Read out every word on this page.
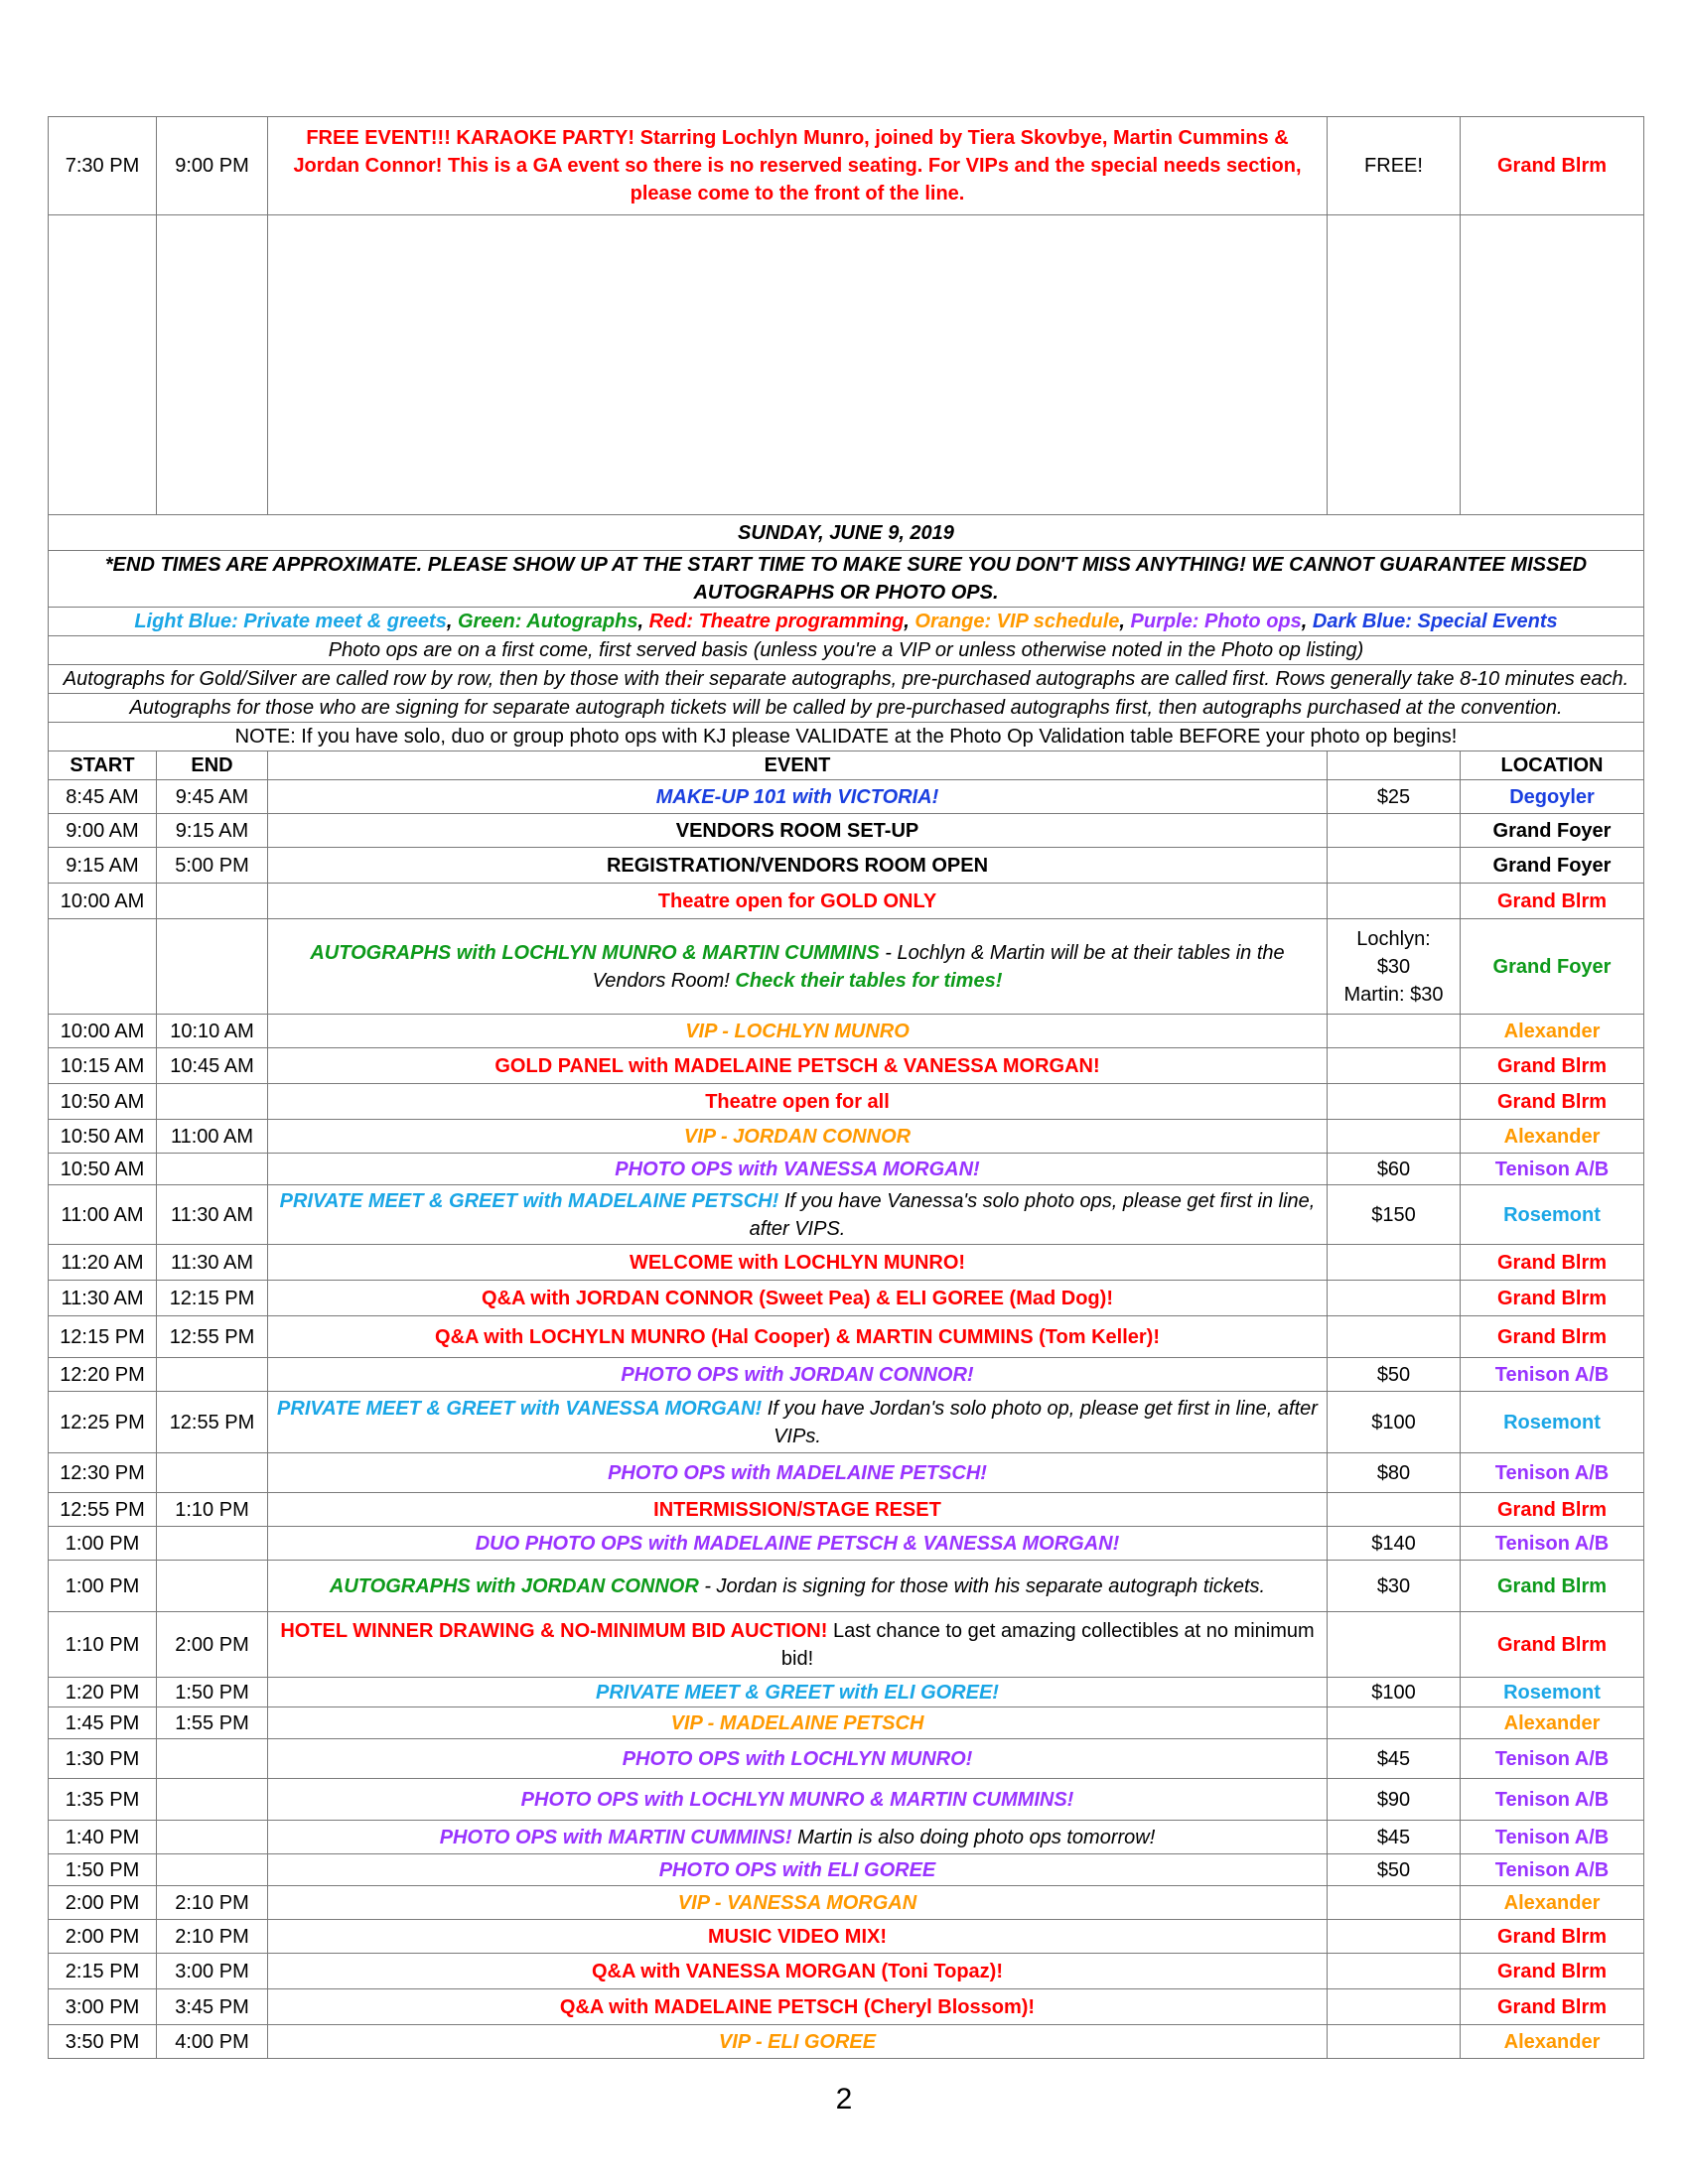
7:30 PM	9:00 PM	FREE EVENT!!! KARAOKE PARTY! Starring Lochlyn Munro, joined by Tiera Skovbye, Martin Cummins & Jordan Connor! This is a GA event so there is no reserved seating. For VIPs and the special needs section, please come to the front of the line.	FREE!	Grand Blrm

SUNDAY, JUNE 9, 2019				
*END TIMES ARE APPROXIMATE. PLEASE SHOW UP AT THE START TIME TO MAKE SURE YOU DON'T MISS ANYTHING! WE CANNOT GUARANTEE MISSED AUTOGRAPHS OR PHOTO OPS.				
Light Blue: Private meet & greets, Green: Autographs, Red: Theatre programming, Orange: VIP schedule, Purple: Photo ops, Dark Blue: Special Events				
Photo ops are on a first come, first served basis (unless you're a VIP or unless otherwise noted in the Photo op listing)				
Autographs for Gold/Silver are called row by row, then by those with their separate autographs, pre-purchased autographs are called first. Rows generally take 8-10 minutes each.				
Autographs for those who are signing for separate autograph tickets will be called by pre-purchased autographs first, then autographs purchased at the convention.				
NOTE: If you have solo, duo or group photo ops with KJ please VALIDATE at the Photo Op Validation table BEFORE your photo op begins!				
START	END	EVENT		LOCATION
8:45 AM	9:45 AM	MAKE-UP 101 with VICTORIA!	$25	Degoyler
9:00 AM	9:15 AM	VENDORS ROOM SET-UP		Grand Foyer
9:15 AM	5:00 PM	REGISTRATION/VENDORS ROOM OPEN		Grand Foyer
10:00 AM		Theatre open for GOLD ONLY		Grand Blrm
		AUTOGRAPHS with LOCHLYN MUNRO & MARTIN CUMMINS - Lochlyn & Martin will be at their tables in the Vendors Room! Check their tables for times!	Lochlyn:
$30
Martin: $30	Grand Foyer
10:00 AM	10:10 AM	VIP - LOCHLYN MUNRO		Alexander
10:15 AM	10:45 AM	GOLD PANEL with MADELAINE PETSCH & VANESSA MORGAN!		Grand Blrm
10:50 AM		Theatre open for all		Grand Blrm
10:50 AM	11:00 AM	VIP - JORDAN CONNOR		Alexander
10:50 AM		PHOTO OPS with VANESSA MORGAN!	$60	Tenison A/B
11:00 AM	11:30 AM	PRIVATE MEET & GREET with MADELAINE PETSCH! If you have Vanessa's solo photo ops, please get first in line, after VIPS.	$150	Rosemont
11:20 AM	11:30 AM	WELCOME with LOCHLYN MUNRO!		Grand Blrm
11:30 AM	12:15 PM	Q&A with JORDAN CONNOR (Sweet Pea) & ELI GOREE (Mad Dog)!		Grand Blrm
12:15 PM	12:55 PM	Q&A with LOCHYLN MUNRO (Hal Cooper) & MARTIN CUMMINS (Tom Keller)!		Grand Blrm
12:20 PM		PHOTO OPS with JORDAN CONNOR!	$50	Tenison A/B
12:25 PM	12:55 PM	PRIVATE MEET & GREET with VANESSA MORGAN! If you have Jordan's solo photo op, please get first in line, after VIPs.	$100	Rosemont
12:30 PM		PHOTO OPS with MADELAINE PETSCH!	$80	Tenison A/B
12:55 PM	1:10 PM	INTERMISSION/STAGE RESET		Grand Blrm
1:00 PM		DUO PHOTO OPS with MADELAINE PETSCH & VANESSA MORGAN!	$140	Tenison A/B
1:00 PM		AUTOGRAPHS with JORDAN CONNOR - Jordan is signing for those with his separate autograph tickets.	$30	Grand Blrm
1:10 PM	2:00 PM	HOTEL WINNER DRAWING & NO-MINIMUM BID AUCTION! Last chance to get amazing collectibles at no minimum bid!		Grand Blrm
1:20 PM	1:50 PM	PRIVATE MEET & GREET with ELI GOREE!	$100	Rosemont
1:45 PM	1:55 PM	VIP - MADELAINE PETSCH		Alexander
1:30 PM		PHOTO OPS with LOCHLYN MUNRO!	$45	Tenison A/B
1:35 PM		PHOTO OPS with LOCHLYN MUNRO & MARTIN CUMMINS!	$90	Tenison A/B
1:40 PM		PHOTO OPS with MARTIN CUMMINS! Martin is also doing photo ops tomorrow!	$45	Tenison A/B
1:50 PM		PHOTO OPS with ELI GOREE	$50	Tenison A/B
2:00 PM	2:10 PM	VIP - VANESSA MORGAN		Alexander
2:00 PM	2:10 PM	MUSIC VIDEO MIX!		Grand Blrm
2:15 PM	3:00 PM	Q&A with VANESSA MORGAN (Toni Topaz)!		Grand Blrm
3:00 PM	3:45 PM	Q&A with MADELAINE PETSCH (Cheryl Blossom)!		Grand Blrm
3:50 PM	4:00 PM	VIP - ELI GOREE		Alexander
2
